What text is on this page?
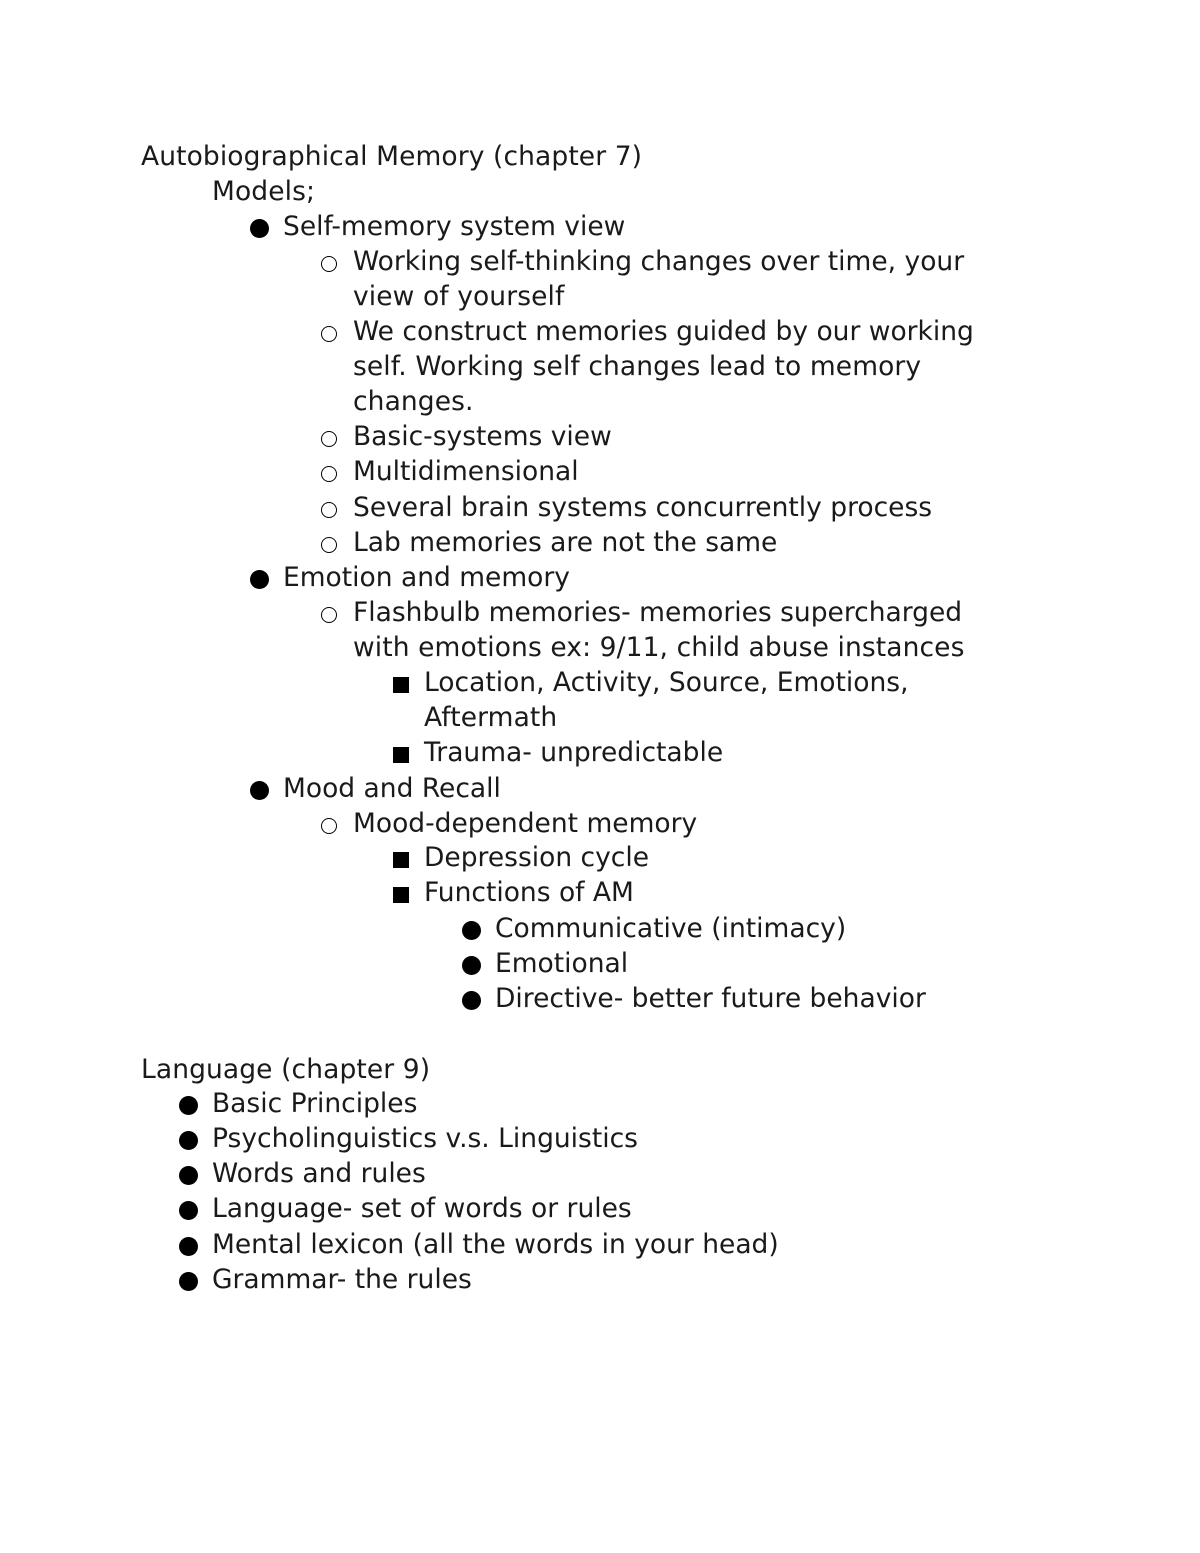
Autobiographical Memory (chapter 7)
Models;
Self-memory system view
Working self-thinking changes over time, your
view of yourself
We construct memories guided by our working
self. Working self changes lead to memory
changes.
Basic-systems view
Multidimensional
Several brain systems concurrently process
Lab memories are not the same
Emotion and memory
Flashbulb memories- memories supercharged
with emotions ex: 9/11, child abuse instances
Location, Activity, Source, Emotions,
Aftermath
Trauma- unpredictable
Mood and Recall
Mood-dependent memory
Depression cycle
Functions of AM
Communicative (intimacy)
Emotional
Directive- better future behavior
Language (chapter 9)
Basic Principles
Psycholinguistics v.s. Linguistics
Words and rules
Language- set of words or rules
Mental lexicon (all the words in your head)
Grammar- the rules
